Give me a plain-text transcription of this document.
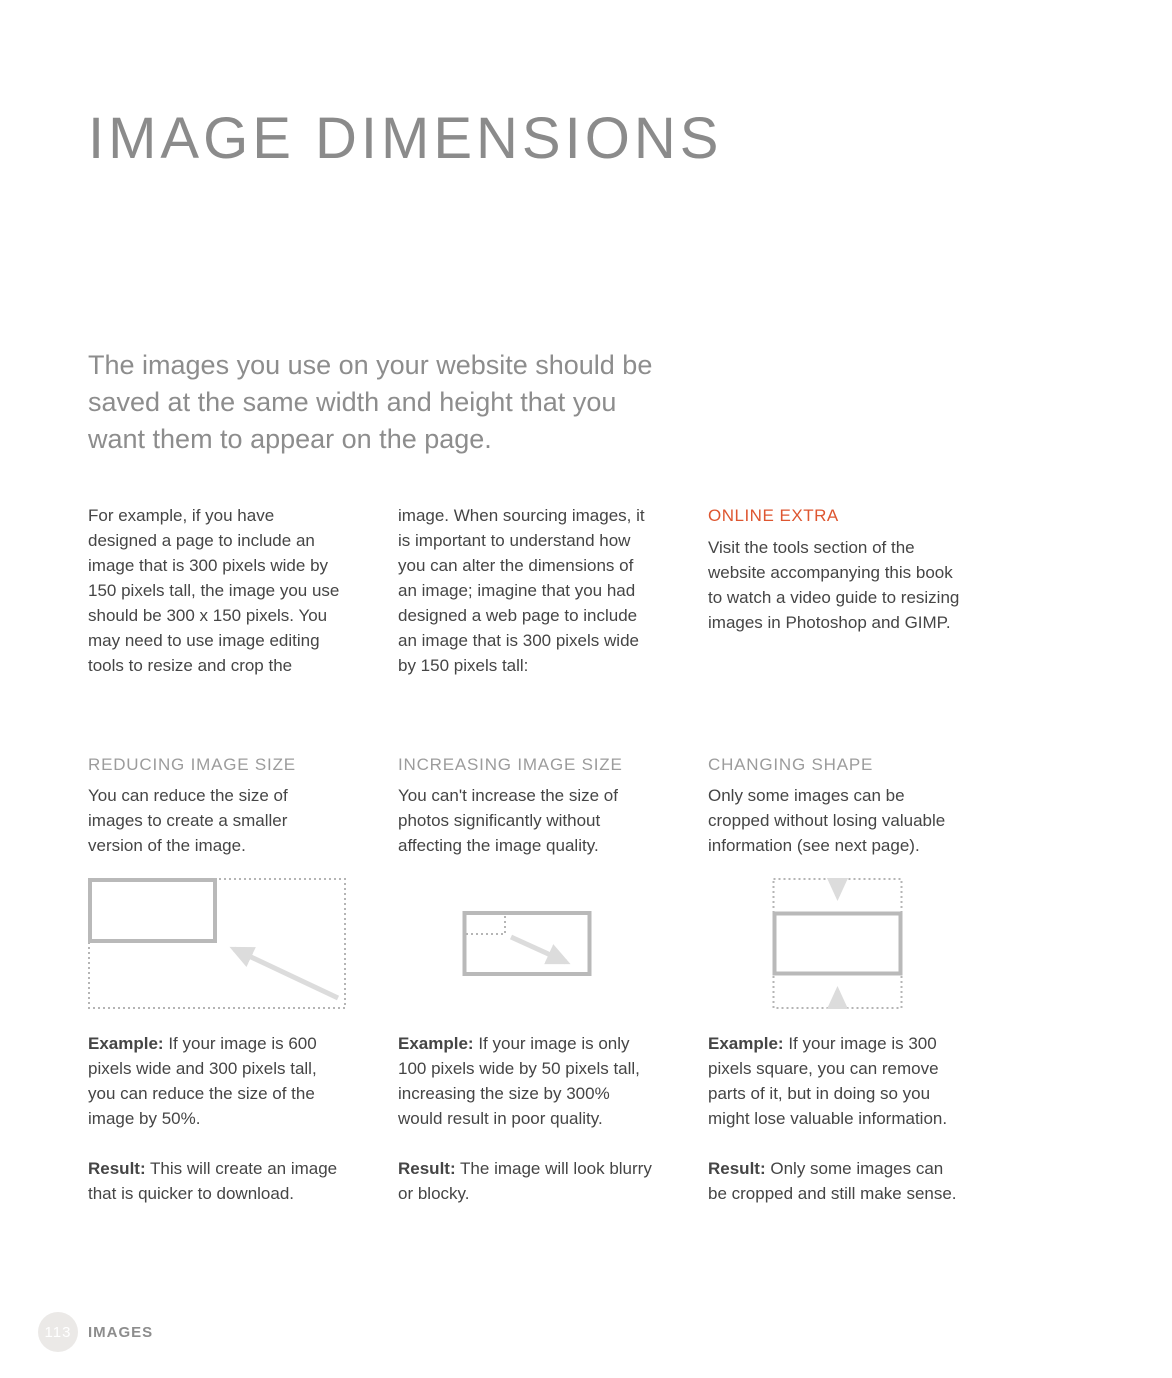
IMAGE DIMENSIONS

The images you use on your website should be saved at the same width and height that you want them to appear on the page.

For example, if you have designed a page to include an image that is 300 pixels wide by 150 pixels tall, the image you use should be 300 x 150 pixels. You may need to use image editing tools to resize and crop the

image. When sourcing images, it is important to understand how you can alter the dimensions of an image; imagine that you had designed a web page to include an image that is 300 pixels wide by 150 pixels tall:

ONLINE EXTRA

Visit the tools section of the website accompanying this book to watch a video guide to resizing images in Photoshop and GIMP.

REDUCING IMAGE SIZE

You can reduce the size of images to create a smaller version of the image.

INCREASING IMAGE SIZE

You can't increase the size of photos significantly without affecting the image quality.

CHANGING SHAPE

Only some images can be cropped without losing valuable information (see next page).

Example: If your image is 600 pixels wide and 300 pixels tall, you can reduce the size of the image by 50%.

Example: If your image is only 100 pixels wide by 50 pixels tall, increasing the size by 300% would result in poor quality.

Example: If your image is 300 pixels square, you can remove parts of it, but in doing so you might lose valuable information.

Result: This will create an image that is quicker to download.

Result: The image will look blurry or blocky.

Result: Only some images can be cropped and still make sense.

113	IMAGES
